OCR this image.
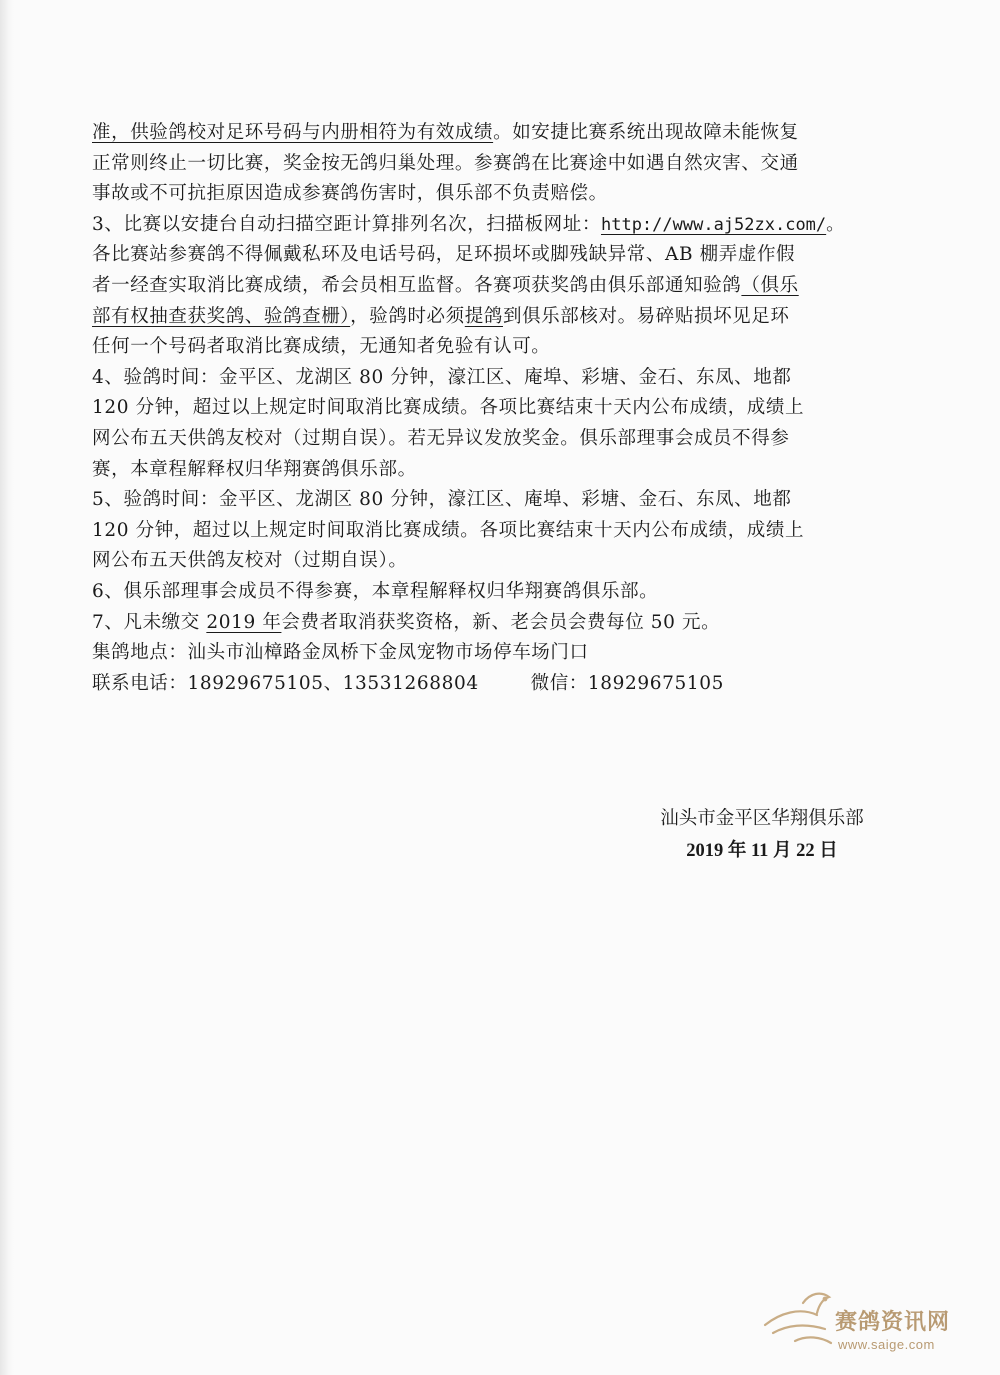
准，供验鸽校对足环号码与内册相符为有效成绩。如安捷比赛系统出现故障未能恢复
正常则终止一切比赛，奖金按无鸽归巢处理。参赛鸽在比赛途中如遇自然灾害、交通
事故或不可抗拒原因造成参赛鸽伤害时，俱乐部不负责赔偿。
3、比赛以安捷台自动扫描空距计算排列名次，扫描板网址：http://www.aj52zx.com/。
各比赛站参赛鸽不得佩戴私环及电话号码，足环损坏或脚残缺异常、AB 棚弄虚作假
者一经查实取消比赛成绩，希会员相互监督。各赛项获奖鸽由俱乐部通知验鸽（俱乐
部有权抽查获奖鸽、验鸽查栅），验鸽时必须提鸽到俱乐部核对。易碎贴损坏见足环
任何一个号码者取消比赛成绩，无通知者免验有认可。
4、验鸽时间：金平区、龙湖区 80 分钟，濠江区、庵埠、彩塘、金石、东凤、地都
120 分钟，超过以上规定时间取消比赛成绩。各项比赛结束十天内公布成绩，成绩上
网公布五天供鸽友校对（过期自误）。若无异议发放奖金。俱乐部理事会成员不得参
赛，本章程解释权归华翔赛鸽俱乐部。
5、验鸽时间：金平区、龙湖区 80 分钟，濠江区、庵埠、彩塘、金石、东凤、地都
120 分钟，超过以上规定时间取消比赛成绩。各项比赛结束十天内公布成绩，成绩上
网公布五天供鸽友校对（过期自误）。
6、俱乐部理事会成员不得参赛，本章程解释权归华翔赛鸽俱乐部。
7、凡未缴交 2019 年会费者取消获奖资格，新、老会员会费每位 50 元。
集鸽地点：汕头市汕樟路金凤桥下金凤宠物市场停车场门口
联系电话：18929675105、13531268804        微信：18929675105
汕头市金平区华翔俱乐部
2019 年 11 月 22 日
赛鸽资讯网
www.saige.com
